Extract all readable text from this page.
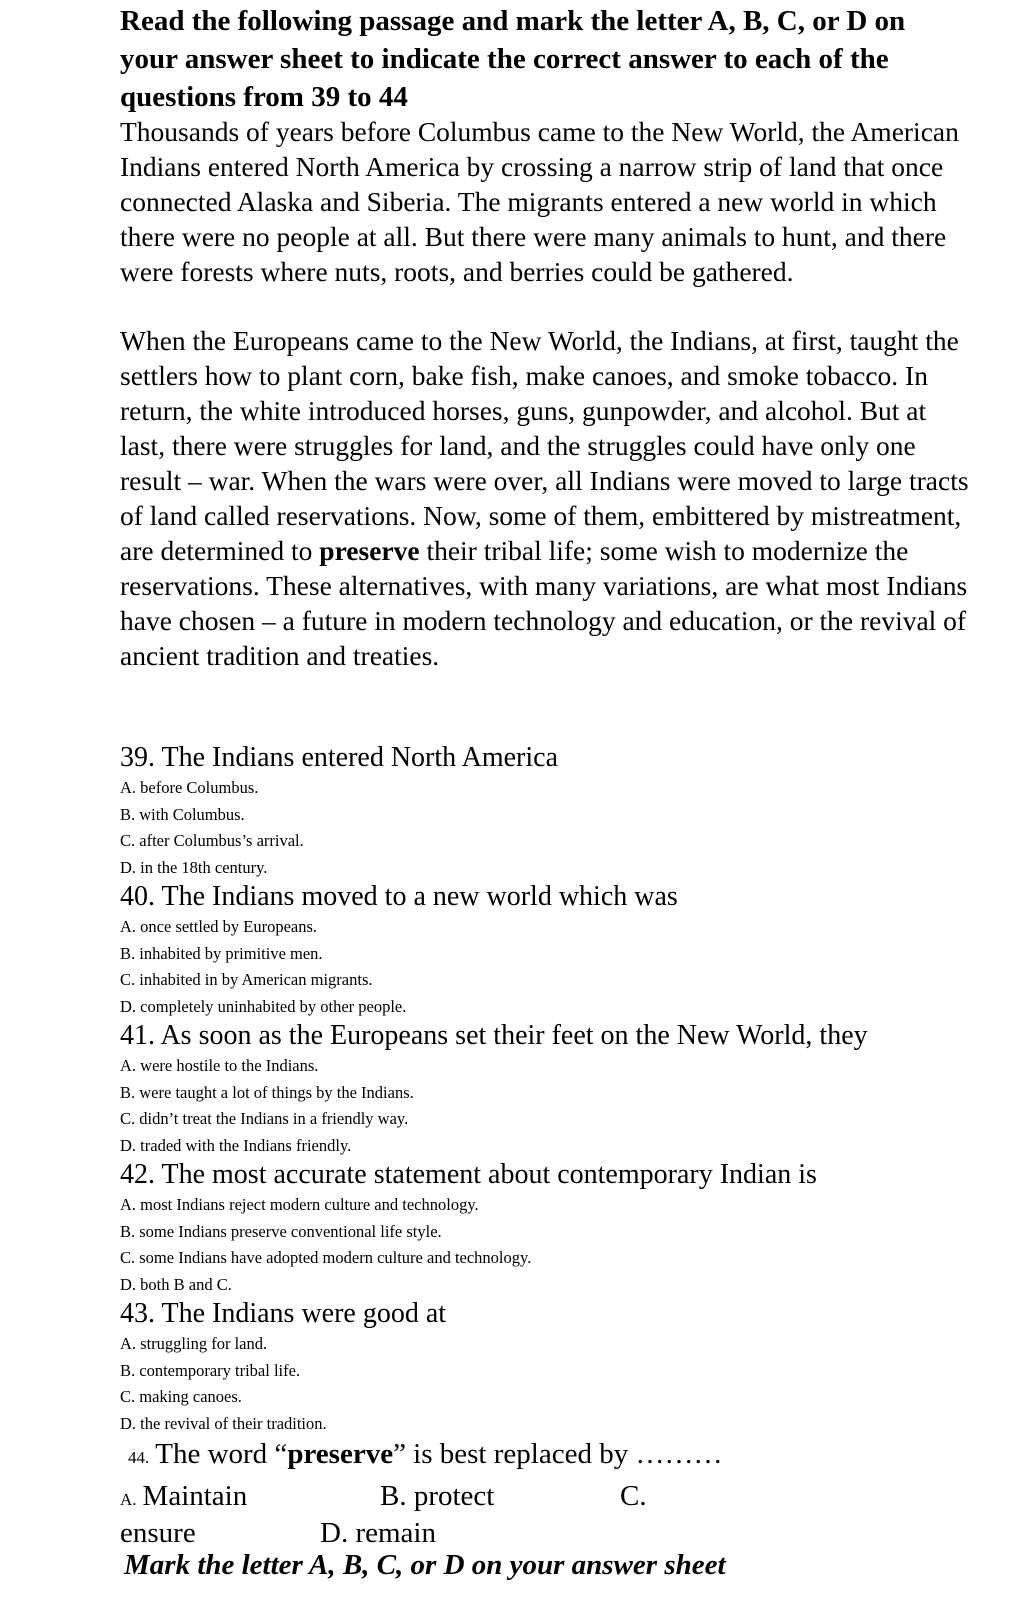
Read the following passage and mark the letter A, B, C, or D on your answer sheet to indicate the correct answer to each of the questions from 39 to 44

Thousands of years before Columbus came to the New World, the American Indians entered North America by crossing a narrow strip of land that once connected Alaska and Siberia. The migrants entered a new world in which there were no people at all. But there were many animals to hunt, and there were forests where nuts, roots, and berries could be gathered.

When the Europeans came to the New World, the Indians, at first, taught the settlers how to plant corn, bake fish, make canoes, and smoke tobacco. In return, the white introduced horses, guns, gunpowder, and alcohol. But at last, there were struggles for land, and the struggles could have only one result – war. When the wars were over, all Indians were moved to large tracts of land called reservations. Now, some of them, embittered by mistreatment, are determined to preserve their tribal life; some wish to modernize the reservations. These alternatives, with many variations, are what most Indians have chosen – a future in modern technology and education, or the revival of ancient tradition and treaties.

39. The Indians entered North America

A. before Columbus.

B. with Columbus.

C. after Columbus’s arrival.

D. in the 18th century.

40. The Indians moved to a new world which was

A. once settled by Europeans.

B. inhabited by primitive men.

C. inhabited in by American migrants.

D. completely uninhabited by other people.

41. As soon as the Europeans set their feet on the New World, they

A. were hostile to the Indians.

B. were taught a lot of things by the Indians.

C. didn’t treat the Indians in a friendly way.

D. traded with the Indians friendly.

42. The most accurate statement about contemporary Indian is

A. most Indians reject modern culture and technology.

B. some Indians preserve conventional life style.

C. some Indians have adopted modern culture and technology.

D. both B and C.

43. The Indians were good at

A. struggling for land.

B. contemporary tribal life.

C. making canoes.

D. the revival of their tradition.

44. The word “preserve” is best replaced by ………

A. Maintain	B. protect	C.
ensure	D. remain

Mark the letter A, B, C, or D on your answer sheet
